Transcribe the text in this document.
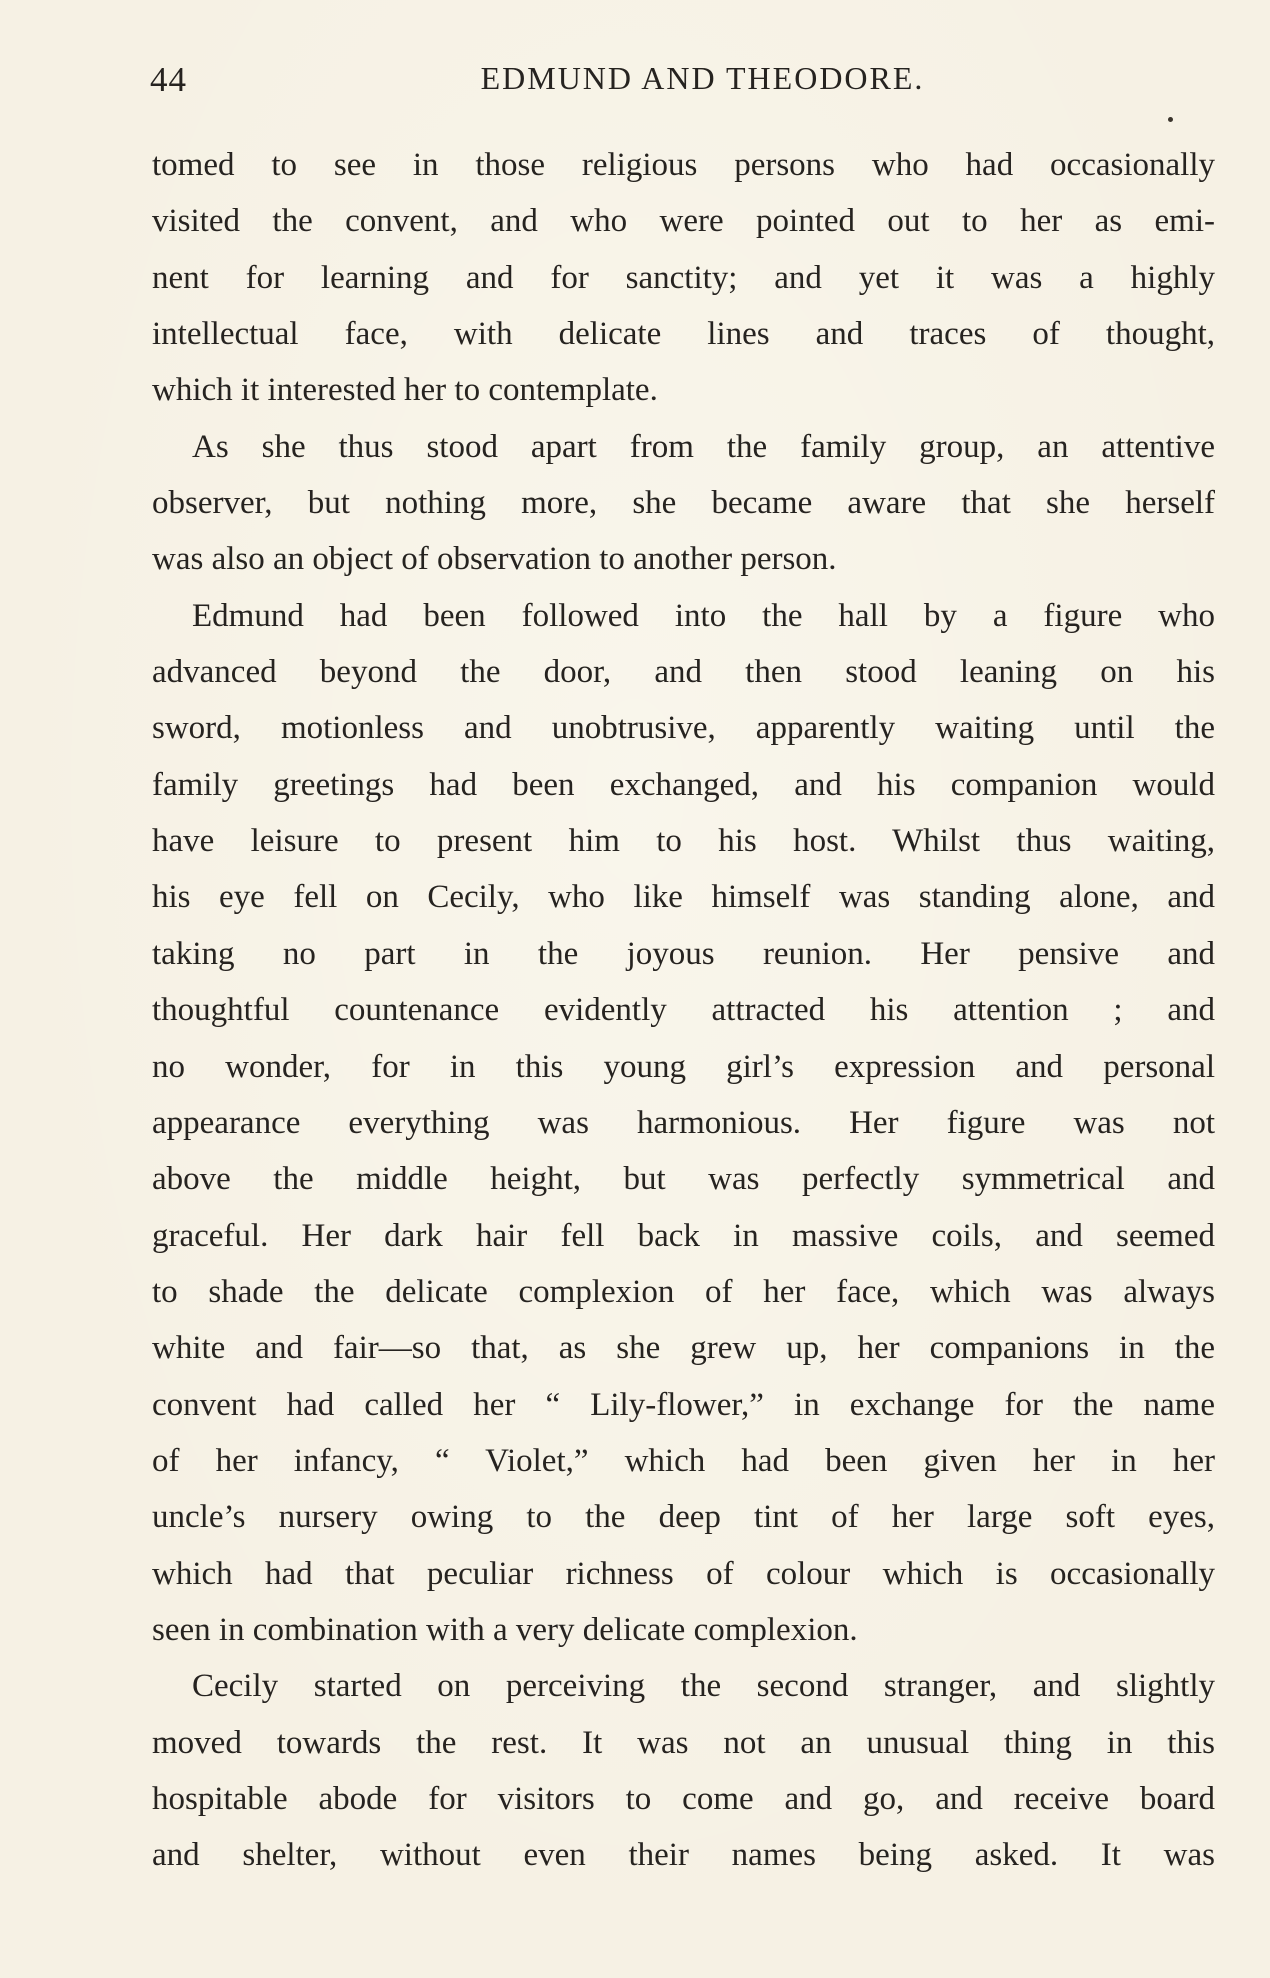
44	EDMUND AND THEODORE.
tomed to see in those religious persons who had occasionally
visited the convent, and who were pointed out to her as emi-
nent for learning and for sanctity; and yet it was a highly
intellectual face, with delicate lines and traces of thought,
which it interested her to contemplate.
As she thus stood apart from the family group, an attentive
observer, but nothing more, she became aware that she herself
was also an object of observation to another person.
Edmund had been followed into the hall by a figure who
advanced beyond the door, and then stood leaning on his
sword, motionless and unobtrusive, apparently waiting until the
family greetings had been exchanged, and his companion would
have leisure to present him to his host. Whilst thus waiting,
his eye fell on Cecily, who like himself was standing alone, and
taking no part in the joyous reunion. Her pensive and
thoughtful countenance evidently attracted his attention ; and
no wonder, for in this young girl’s expression and personal
appearance everything was harmonious. Her figure was not
above the middle height, but was perfectly symmetrical and
graceful. Her dark hair fell back in massive coils, and seemed
to shade the delicate complexion of her face, which was always
white and fair—so that, as she grew up, her companions in the
convent had called her “ Lily-flower,” in exchange for the name
of her infancy, “ Violet,” which had been given her in her
uncle’s nursery owing to the deep tint of her large soft eyes,
which had that peculiar richness of colour which is occasionally
seen in combination with a very delicate complexion.
Cecily started on perceiving the second stranger, and slightly
moved towards the rest. It was not an unusual thing in this
hospitable abode for visitors to come and go, and receive board
and shelter, without even their names being asked. It was
